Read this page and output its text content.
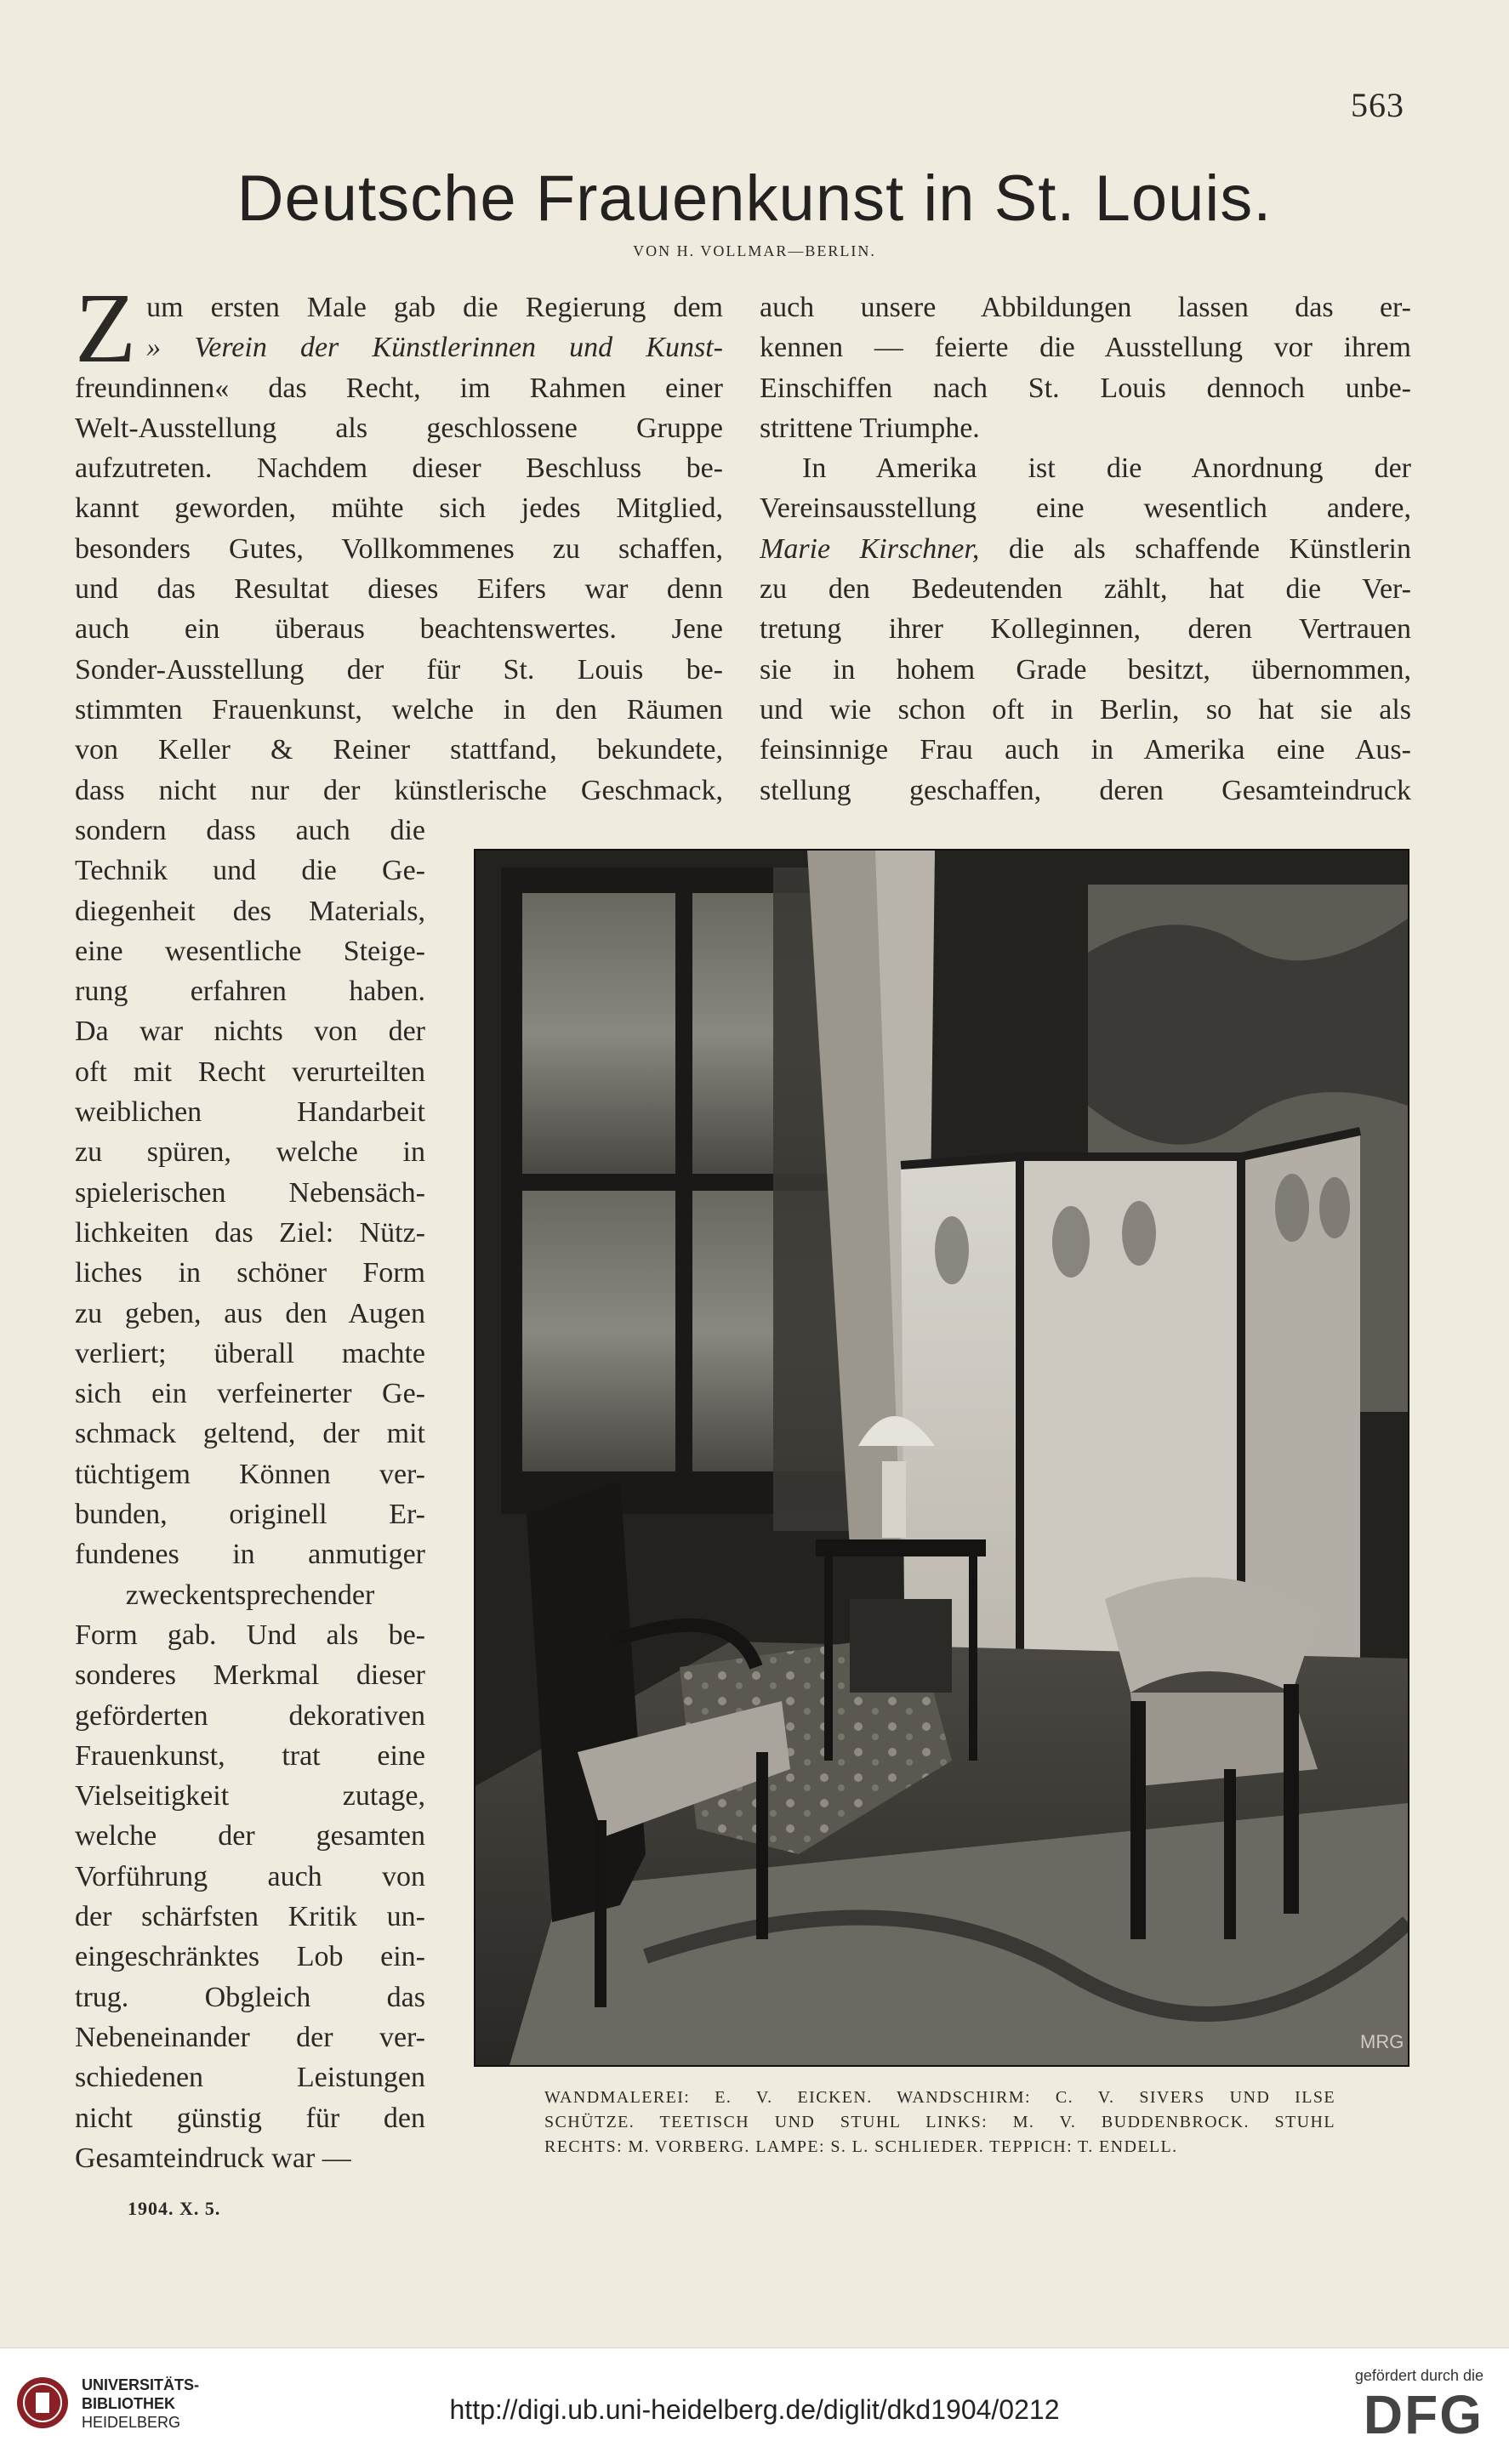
563
Deutsche Frauenkunst in St. Louis.
VON H. VOLLMAR—BERLIN.
Z um ersten Male gab die Regierung dem
» Verein der Künstlerinnen und Kunst-
freundinnen« das Recht, im Rahmen einer
Welt-Ausstellung als geschlossene Gruppe
aufzutreten. Nachdem dieser Beschluss be-
kannt geworden, mühte sich jedes Mitglied,
besonders Gutes, Vollkommenes zu schaffen,
und das Resultat dieses Eifers war denn
auch ein überaus beachtenswertes. Jene
Sonder-Ausstellung der für St. Louis be-
stimmten Frauenkunst, welche in den Räumen
von Keller & Reiner stattfand, bekundete,
dass nicht nur der künstlerische Geschmack,
sondern dass auch die
Technik und die Ge-
diegenheit des Materials,
eine wesentliche Steige-
rung erfahren haben.
Da war nichts von der
oft mit Recht verurteilten
weiblichen Handarbeit
zu spüren, welche in
spielerischen Nebensäch-
lichkeiten das Ziel: Nütz-
liches in schöner Form
zu geben, aus den Augen
verliert; überall machte
sich ein verfeinerter Ge-
schmack geltend, der mit
tüchtigem Können ver-
bunden, originell Er-
fundenes in anmutiger
zweckentsprechender
Form gab. Und als be-
sonderes Merkmal dieser
geförderten dekorativen
Frauenkunst, trat eine
Vielseitigkeit zutage,
welche der gesamten
Vorführung auch von
der schärfsten Kritik un-
eingeschränktes Lob ein-
trug. Obgleich das
Nebeneinander der ver-
schiedenen Leistungen
nicht günstig für den
Gesamteindruck war —
auch unsere Abbildungen lassen das er-
kennen — feierte die Ausstellung vor ihrem
Einschiffen nach St. Louis dennoch unbe-
strittene Triumphe.
In Amerika ist die Anordnung der
Vereinsausstellung eine wesentlich andere,
Marie Kirschner, die als schaffende Künstlerin
zu den Bedeutenden zählt, hat die Ver-
tretung ihrer Kolleginnen, deren Vertrauen
sie in hohem Grade besitzt, übernommen,
und wie schon oft in Berlin, so hat sie als
feinsinnige Frau auch in Amerika eine Aus-
stellung geschaffen, deren Gesamteindruck
MRG
WANDMALEREI: E. V. EICKEN. WANDSCHIRM: C. V. SIVERS UND ILSE
SCHÜTZE. TEETISCH UND STUHL LINKS: M. V. BUDDENBROCK. STUHL
RECHTS: M. VORBERG. LAMPE: S. L. SCHLIEDER. TEPPICH: T. ENDELL.
1904. X. 5.
UNIVERSITÄTS-
BIBLIOTHEK
HEIDELBERG	http://digi.ub.uni-heidelberg.de/diglit/dkd1904/0212
gefördert durch die
DFG
